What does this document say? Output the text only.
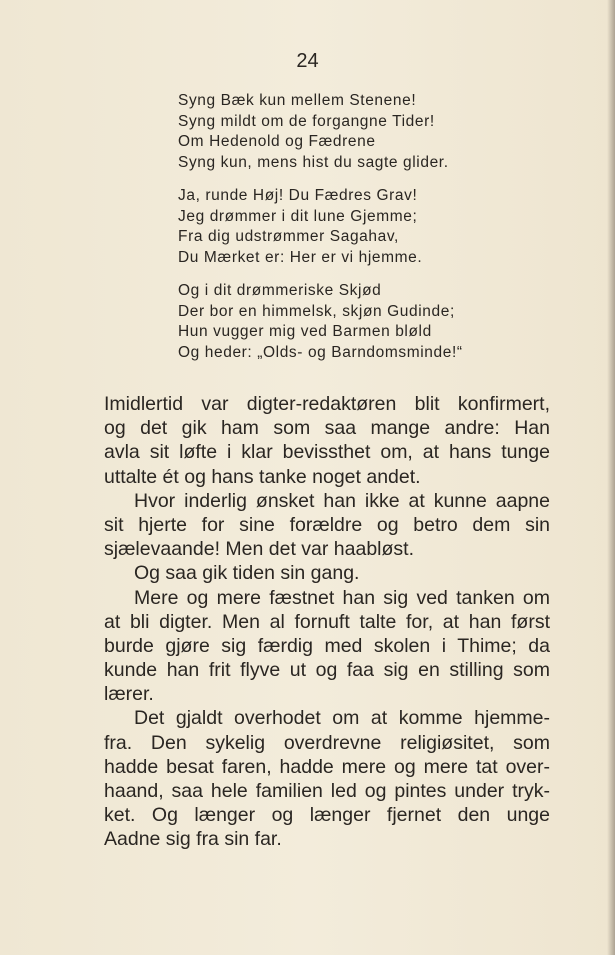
24
Syng Bæk kun mellem Stenene!
Syng mildt om de forgangne Tider!
Om Hedenold og Fædrene
Syng kun, mens hist du sagte glider.
Ja, runde Høj! Du Fædres Grav!
Jeg drømmer i dit lune Gjemme;
Fra dig udstrømmer Sagahav,
Du Mærket er: Her er vi hjemme.
Og i dit drømmeriske Skjød
Der bor en himmelsk, skjøn Gudinde;
Hun vugger mig ved Barmen bløld
Og heder: „Olds- og Barndomsminde!“
Imidlertid var digter-redaktøren blit konfirmert,
og det gik ham som saa mange andre: Han
avla sit løfte i klar bevissthet om, at hans tunge
uttalte ét og hans tanke noget andet.
Hvor inderlig ønsket han ikke at kunne aapne
sit hjerte for sine forældre og betro dem sin
sjælevaande! Men det var haabløst.
Og saa gik tiden sin gang.
Mere og mere fæstnet han sig ved tanken om
at bli digter. Men al fornuft talte for, at han først
burde gjøre sig færdig med skolen i Thime; da
kunde han frit flyve ut og faa sig en stilling som
lærer.
Det gjaldt overhodet om at komme hjemme-
fra. Den sykelig overdrevne religiøsitet, som
hadde besat faren, hadde mere og mere tat over-
haand, saa hele familien led og pintes under tryk-
ket. Og længer og længer fjernet den unge
Aadne sig fra sin far.
